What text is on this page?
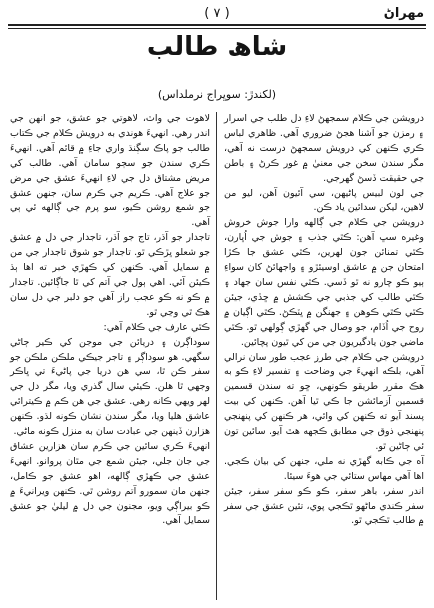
مهراڻ
( ٧ )
شاھ طالب
(لکندڙ: سوڀراج نرملداس)

درويشن جي ڪلام سمجھڻ لاءِ دل طلب جي اسرار ۽ رمزن جو آشنا هجڻ ضروري آهي. ظاهري لباس ڪري ڪنهن کي درويش سمجھڻ درست نه آهي، مگر سندن سخن جي معنيٰ ۾ غور ڪرڻ ۽ باطن جي حقيقت ڏسڻ گهرجي.

جي لون لبيس پاڻيھن، سي آئيون آهن، ليو من لاهين، ليکن سدائين ياد ڪن.

درويشن جي ڪلام جي ڳالهه وارا جوش خروش وغيره سڀ آهن: ڪٿي جذب ۽ جوش جي اُڀارن، ڪٿي تمنائن جون لهرين، ڪٿي عشق جا ڪڙا امتحان جن ۾ عاشق اوسيئڙو ۽ واجهائڻ کان سواءِ ٻيو ڪو چارو نه ٿو ڏسي. ڪٿي نفس سان جهاد ۽ ڪٿي طالب کي جذبي جي ڪشش ۾ ڇڏي، جيئن ڪٿي ڪٿي ڪوهن ۽ جهنگن ۾ ڀٽڪڻ. ڪٿي اڳيان ۾ روح جي اُڏام، جو وصال جي گهڙي ڳولهي ٿو. ڪٿي ماضي جون يادگيريون جي من کي ٿيون پچائين.

درويشن جي ڪلام جي طرز عجب طور سان نرالي آهي، بلڪه انهيءَ جي وضاحت ۽ تفسير لاءِ ڪو به هڪ مقرر طريقو ڪونهي، ڇو ته سندن قسمين قسمين آزمائشن جا ڪي ٿيا آهن. ڪنهن کي بيت پسند آيو ته ڪنهن کي وائي، هر ڪنهن کي پنهنجي پنهنجي ذوق جي مطابق ڪجهه هٿ آيو. سائين تون ئي ڄاڻين ٿو.

آه جي ڪابه گهڙي نه ملي، جنهن کي بيان ڪجي. اها آهي مهاس ستائي جي هوءَ سيئا.

اندر سفر، باهر سفر، ڪو ڪو سفر سفر، جيئن سفر ڪندي ماڻهو ٿڪجي پوي، تئين عشق جي سفر ۾ طالب ٿڪجي ٿو.

لاهوت جي واٽ، لاهوتي جو عشق، جو انهن جي اندر رهي. انهيءَ هوندي به درويش ڪلام جي ڪتاب طالب جو پاڪ سڳنڌ واري جاءِ ۾ قائم آهي. انهيءَ ڪري سندن جو سڄو سامان آهي. طالب کي مريض مشتاق دل جي لاءِ انهيءَ عشق جي مرض جو علاج آهي. ڪريم جي ڪرم سان، جنهن عشق جو شمع روشن ڪيو، سو پرم جي ڳالهه ئي ٻي آهي.

تاجدار جو آڌر، تاج جو آڌر، تاجدار جي دل ۾ عشق جو شعلو ڀڙڪي ٿو. تاجدار جو شوق تاجدار جي من ۾ سمايل آهي. ڪنهن کي ڪهڙي خبر ته اها ٻڌ ڪيئن آئي. اهي ٻول جي آتم کي ٿا جاڳائين. تاجدار ۾ ڪو نه ڪو عجب راز آهي جو دلبر جي دل سان هڪ ٿي وڃي ٿو.

ڪٿي عارف جي ڪلام آهي:

سوداڳرن ۽ دريائن جي موجن کي ڪير ڄاڻي سگهي. هو سوداڳر ۽ تاجر جيڪي ملڪن ملڪن جو سفر ڪن ٿا، سي هن دريا جي پاڻيءَ تي ڀاڪر وجهي ٿا هلن. ڪيئي سال گذري ويا، مگر دل جي لهر ويهي ڪانه رهي. عشق جي هن ڪم ۾ ڪيترائي عاشق هليا ويا، مگر سندن نشان ڪونه لڌو. ڪنهن هزارن ڏينهن جي عبادت سان به منزل ڪونه ماڻي.

انهيءَ ڪري سائين جي ڪرم سان هزارين عشاق جي جان جلي، جيئن شمع جي مٿان پروانو. انهيءَ عشق جي ڪهڙي ڳالهه، اهو عشق جو ڪامل، جنهن مان سمورو آتم روشن ٿي. ڪنهن ويرانيءَ ۾ ڪو بيراڳي ويو، مجنون جي دل ۾ ليليٰ جو عشق سمايل آهي.
